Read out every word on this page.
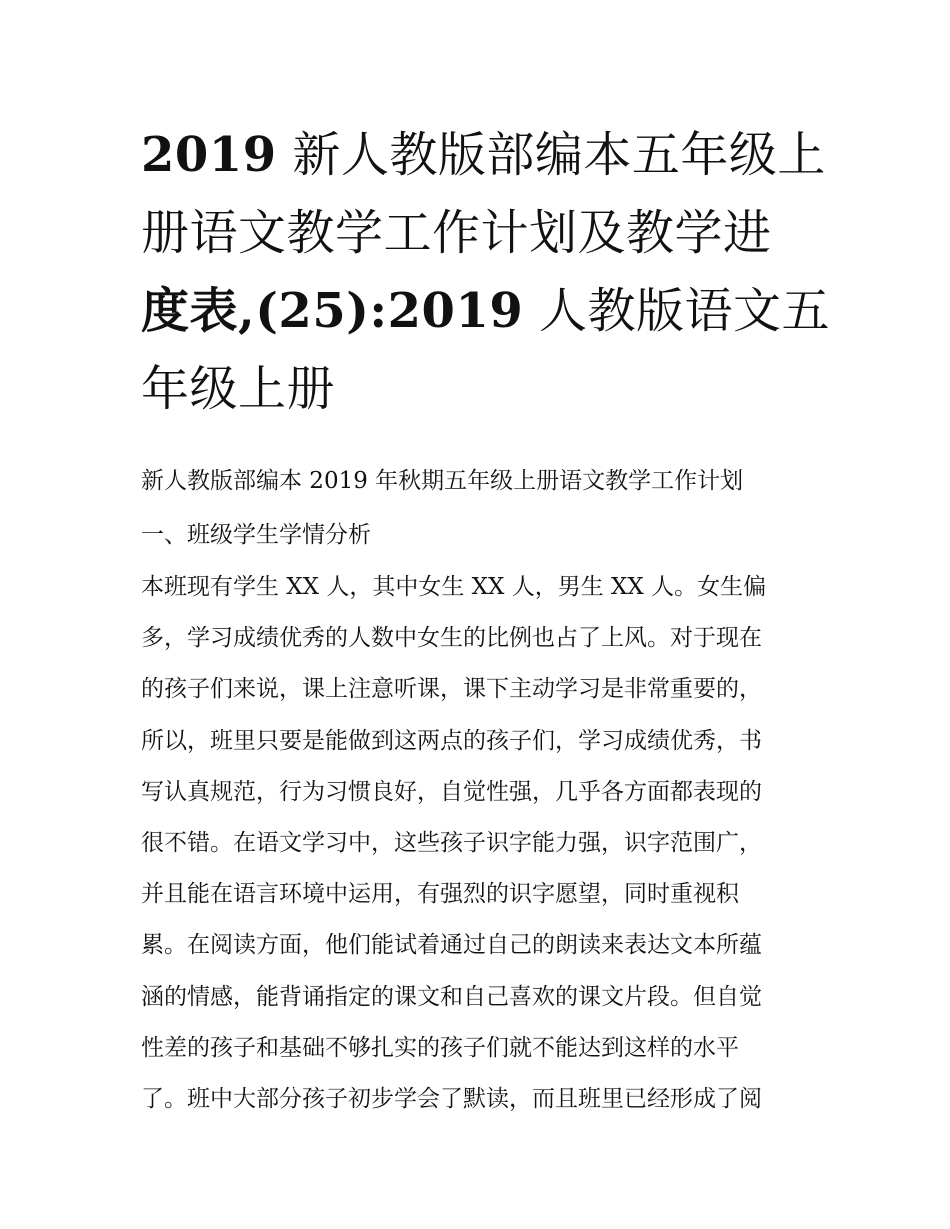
2019 新人教版部编本五年级上
册语文教学工作计划及教学进
度表,(25):2019 人教版语文五
年级上册

新人教版部编本 2019 年秋期五年级上册语文教学工作计划

一、班级学生学情分析

本班现有学生 XX 人，其中女生 XX 人，男生 XX 人。女生偏
多，学习成绩优秀的人数中女生的比例也占了上风。对于现在
的孩子们来说，课上注意听课，课下主动学习是非常重要的，
所以，班里只要是能做到这两点的孩子们，学习成绩优秀，书
写认真规范，行为习惯良好，自觉性强，几乎各方面都表现的
很不错。在语文学习中，这些孩子识字能力强，识字范围广，
并且能在语言环境中运用，有强烈的识字愿望，同时重视积
累。在阅读方面，他们能试着通过自己的朗读来表达文本所蕴
涵的情感，能背诵指定的课文和自己喜欢的课文片段。但自觉
性差的孩子和基础不够扎实的孩子们就不能达到这样的水平
了。班中大部分孩子初步学会了默读，而且班里已经形成了阅
